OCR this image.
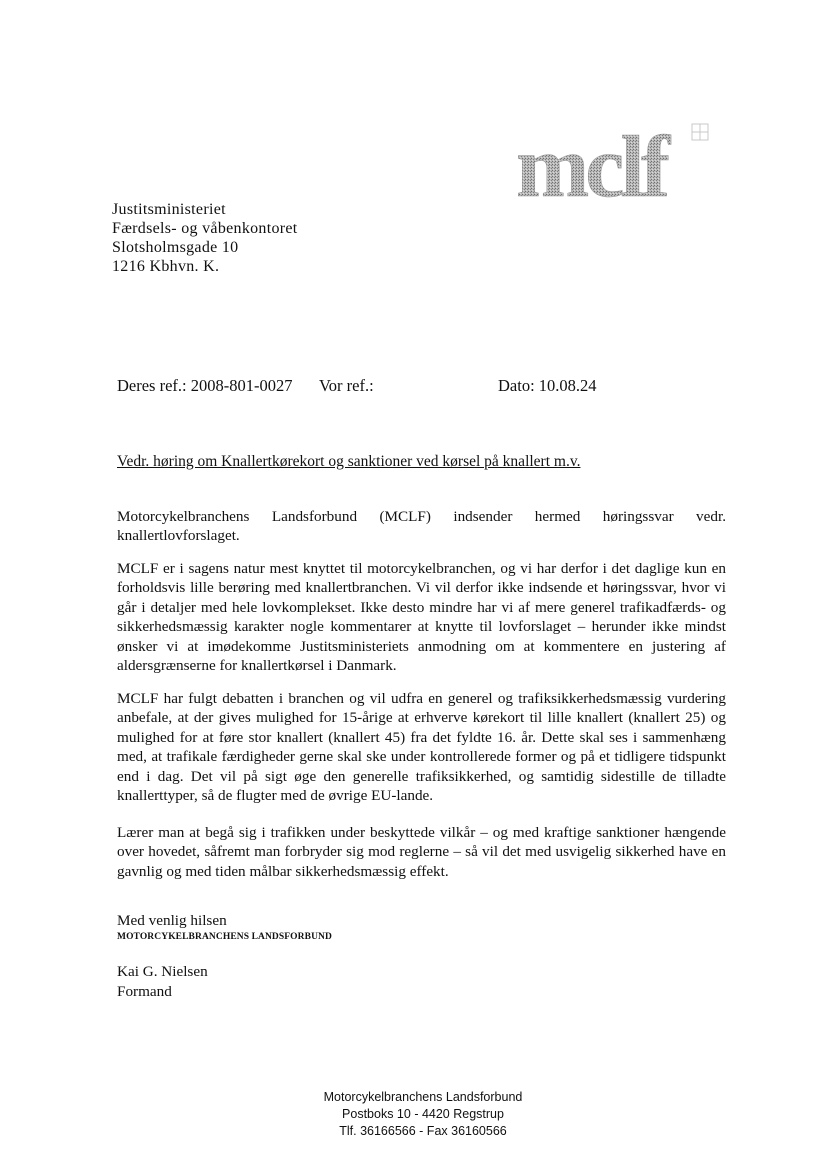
mclf
Justitsministeriet
Færdsels- og våbenkontoret
Slotsholmsgade 10
1216 Kbhvn. K.
Deres ref.: 2008-801-0027 Vor ref.:	Dato: 10.08.24
Vedr. høring om Knallertkørekort og sanktioner ved kørsel på knallert m.v.

Motorcykelbranchens Landsforbund (MCLF) indsender hermed høringssvar vedr. knallertlovforslaget.

MCLF er i sagens natur mest knyttet til motorcykelbranchen, og vi har derfor i det daglige kun en forholdsvis lille berøring med knallertbranchen. Vi vil derfor ikke indsende et høringssvar, hvor vi går i detaljer med hele lovkomplekset. Ikke desto mindre har vi af mere generel trafikadfærds- og sikkerhedsmæssig karakter nogle kommentarer at knytte til lovforslaget – herunder ikke mindst ønsker vi at imødekomme Justitsministeriets anmodning om at kommentere en justering af aldersgrænserne for knallertkørsel i Danmark.

MCLF har fulgt debatten i branchen og vil udfra en generel og trafiksikkerhedsmæssig vurdering anbefale, at der gives mulighed for 15-årige at erhverve kørekort til lille knallert (knallert 25) og mulighed for at føre stor knallert (knallert 45) fra det fyldte 16. år. Dette skal ses i sammenhæng med, at trafikale færdigheder gerne skal ske under kontrollerede former og på et tidligere tidspunkt end i dag. Det vil på sigt øge den generelle trafiksikkerhed, og samtidig sidestille de tilladte knallerttyper, så de flugter med de øvrige EU-lande.

Lærer man at begå sig i trafikken under beskyttede vilkår – og med kraftige sanktioner hængende over hovedet, såfremt man forbryder sig mod reglerne – så vil det med usvigelig sikkerhed have en gavnlig og med tiden målbar sikkerhedsmæssig effekt.

Med venlig hilsen
MOTORCYKELBRANCHENS LANDSFORBUND
Kai G. Nielsen
Formand
Motorcykelbranchens Landsforbund
Postboks 10 - 4420 Regstrup
Tlf. 36166566 - Fax 36160566
